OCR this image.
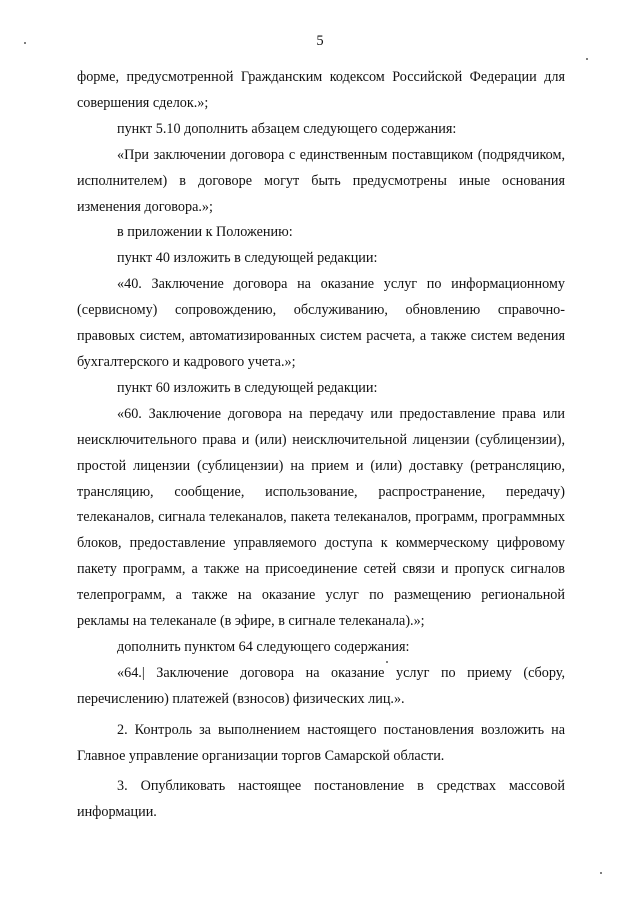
5

форме, предусмотренной Гражданским кодексом Российской Федерации для совершения сделок.»;

пункт 5.10 дополнить абзацем следующего содержания:

«При заключении договора с единственным поставщиком (подрядчиком, исполнителем) в договоре могут быть предусмотрены иные основания изменения договора.»;

в приложении к Положению:

пункт 40 изложить в следующей редакции:

«40. Заключение договора на оказание услуг по информационному (сервисному) сопровождению, обслуживанию, обновлению справочно-правовых систем, автоматизированных систем расчета, а также систем ведения бухгалтерского и кадрового учета.»;

пункт 60 изложить в следующей редакции:

«60. Заключение договора на передачу или предоставление права или неисключительного права и (или) неисключительной лицензии (сублицензии), простой лицензии (сублицензии) на прием и (или) доставку (ретрансляцию, трансляцию, сообщение, использование, распространение, передачу) телеканалов, сигнала телеканалов, пакета телеканалов, программ, программных блоков, предоставление управляемого доступа к коммерческому цифровому пакету программ, а также на присоединение сетей связи и пропуск сигналов телепрограмм, а также на оказание услуг по размещению региональной рекламы на телеканале (в эфире, в сигнале телеканала).»;

дополнить пунктом 64 следующего содержания:

«64.| Заключение договора на оказание услуг по приему (сбору, перечислению) платежей (взносов) физических лиц.».

2. Контроль за выполнением настоящего постановления возложить на Главное управление организации торгов Самарской области.

3. Опубликовать настоящее постановление в средствах массовой информации.
